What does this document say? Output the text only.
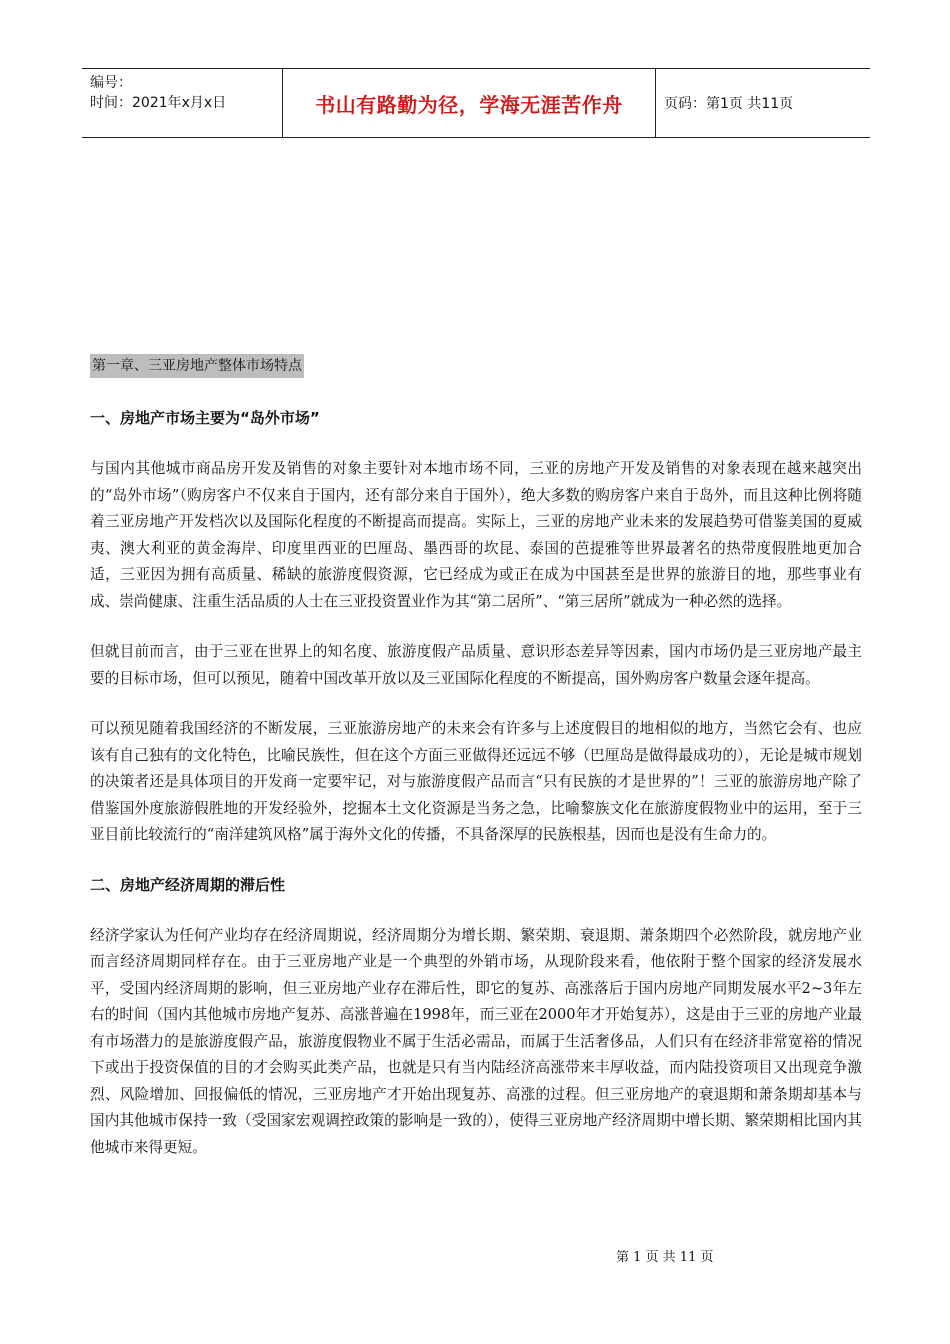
编号：
时间：2021年x月x日	书山有路勤为径，学海无涯苦作舟	页码：第1页 共11页
第一章、三亚房地产整体市场特点
一、房地产市场主要为“岛外市场”

与国内其他城市商品房开发及销售的对象主要针对本地市场不同，三亚的房地产开发及销售的对象表现在越来越突出的“岛外市场”（购房客户不仅来自于国内，还有部分来自于国外），绝大多数的购房客户来自于岛外，而且这种比例将随着三亚房地产开发档次以及国际化程度的不断提高而提高。实际上，三亚的房地产业未来的发展趋势可借鉴美国的夏威夷、澳大利亚的黄金海岸、印度里西亚的巴厘岛、墨西哥的坎昆、泰国的芭提雅等世界最著名的热带度假胜地更加合适，三亚因为拥有高质量、稀缺的旅游度假资源，它已经成为或正在成为中国甚至是世界的旅游目的地，那些事业有成、崇尚健康、注重生活品质的人士在三亚投资置业作为其“第二居所”、“第三居所”就成为一种必然的选择。

但就目前而言，由于三亚在世界上的知名度、旅游度假产品质量、意识形态差异等因素，国内市场仍是三亚房地产最主要的目标市场，但可以预见，随着中国改革开放以及三亚国际化程度的不断提高，国外购房客户数量会逐年提高。

可以预见随着我国经济的不断发展，三亚旅游房地产的未来会有许多与上述度假目的地相似的地方，当然它会有、也应该有自己独有的文化特色，比喻民族性，但在这个方面三亚做得还远远不够（巴厘岛是做得最成功的），无论是城市规划的决策者还是具体项目的开发商一定要牢记，对与旅游度假产品而言“只有民族的才是世界的”！三亚的旅游房地产除了借鉴国外度旅游假胜地的开发经验外，挖掘本土文化资源是当务之急，比喻黎族文化在旅游度假物业中的运用，至于三亚目前比较流行的“南洋建筑风格”属于海外文化的传播，不具备深厚的民族根基，因而也是没有生命力的。

二、房地产经济周期的滞后性

经济学家认为任何产业均存在经济周期说，经济周期分为增长期、繁荣期、衰退期、萧条期四个必然阶段，就房地产业而言经济周期同样存在。由于三亚房地产业是一个典型的外销市场，从现阶段来看，他依附于整个国家的经济发展水平，受国内经济周期的影响，但三亚房地产业存在滞后性，即它的复苏、高涨落后于国内房地产同期发展水平2~3年左右的时间（国内其他城市房地产复苏、高涨普遍在1998年，而三亚在2000年才开始复苏），这是由于三亚的房地产业最有市场潜力的是旅游度假产品，旅游度假物业不属于生活必需品，而属于生活奢侈品，人们只有在经济非常宽裕的情况下或出于投资保值的目的才会购买此类产品，也就是只有当内陆经济高涨带来丰厚收益，而内陆投资项目又出现竞争激烈、风险增加、回报偏低的情况，三亚房地产才开始出现复苏、高涨的过程。但三亚房地产的衰退期和萧条期却基本与国内其他城市保持一致（受国家宏观调控政策的影响是一致的），使得三亚房地产经济周期中增长期、繁荣期相比国内其他城市来得更短。

第 1 页 共 11 页
